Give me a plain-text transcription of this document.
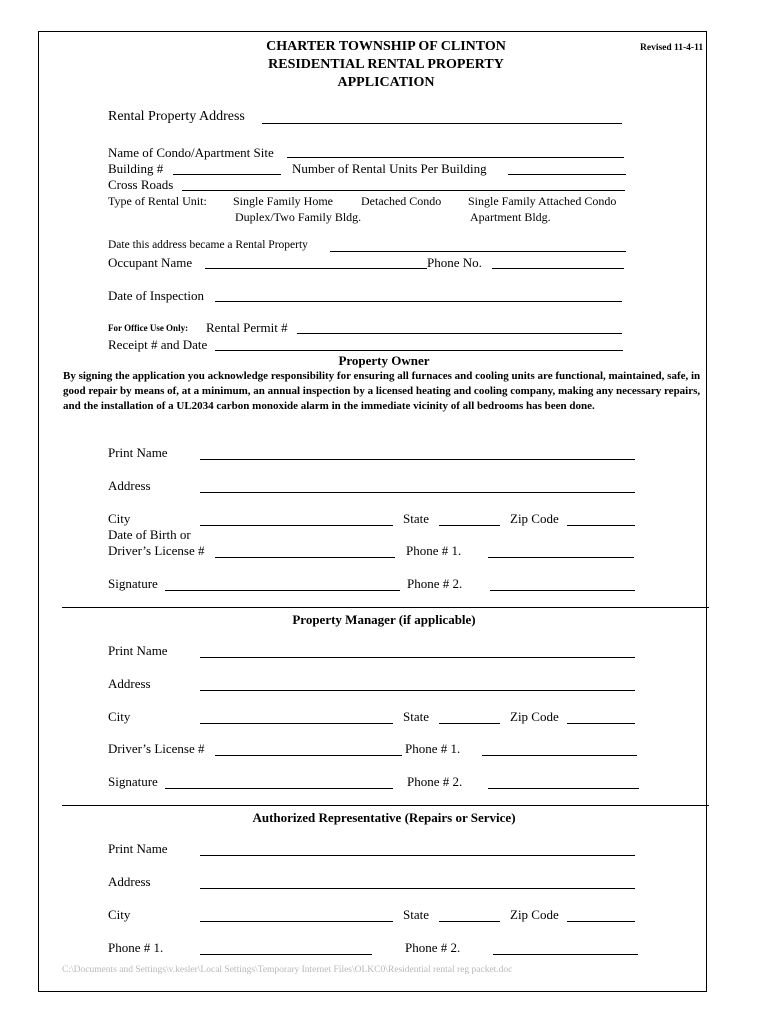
CHARTER TOWNSHIP OF CLINTON
RESIDENTIAL RENTAL PROPERTY
APPLICATION
Revised 11-4-11
Rental Property Address
Name of Condo/Apartment Site
Building #	Number of Rental Units Per Building
Cross Roads
Type of Rental Unit: Single Family Home Detached Condo Single Family Attached Condo
Duplex/Two Family Bldg.	Apartment Bldg.
Date this address became a Rental Property
Occupant Name	Phone No.
Date of Inspection
For Office Use Only: Rental Permit #
Receipt # and Date
Property Owner
By signing the application you acknowledge responsibility for ensuring all furnaces and cooling units are functional, maintained, safe, in good repair by means of, at a minimum, an annual inspection by a licensed heating and cooling company, making any necessary repairs, and the installation of a UL2034 carbon monoxide alarm in the immediate vicinity of all bedrooms has been done.
Print Name
Address
City	State	Zip Code
Date of Birth or
Driver’s License #	Phone # 1.
Signature	Phone # 2.
Property Manager (if applicable)
Print Name
Address
City	State	Zip Code
Driver’s License #	Phone # 1.
Signature	Phone # 2.
Authorized Representative (Repairs or Service)
Print Name
Address
City	State	Zip Code
Phone # 1.	Phone # 2.
C:\Documents and Settings\v.kesler\Local Settings\Temporary Internet Files\OLKC0\Residential rental reg packet.doc
